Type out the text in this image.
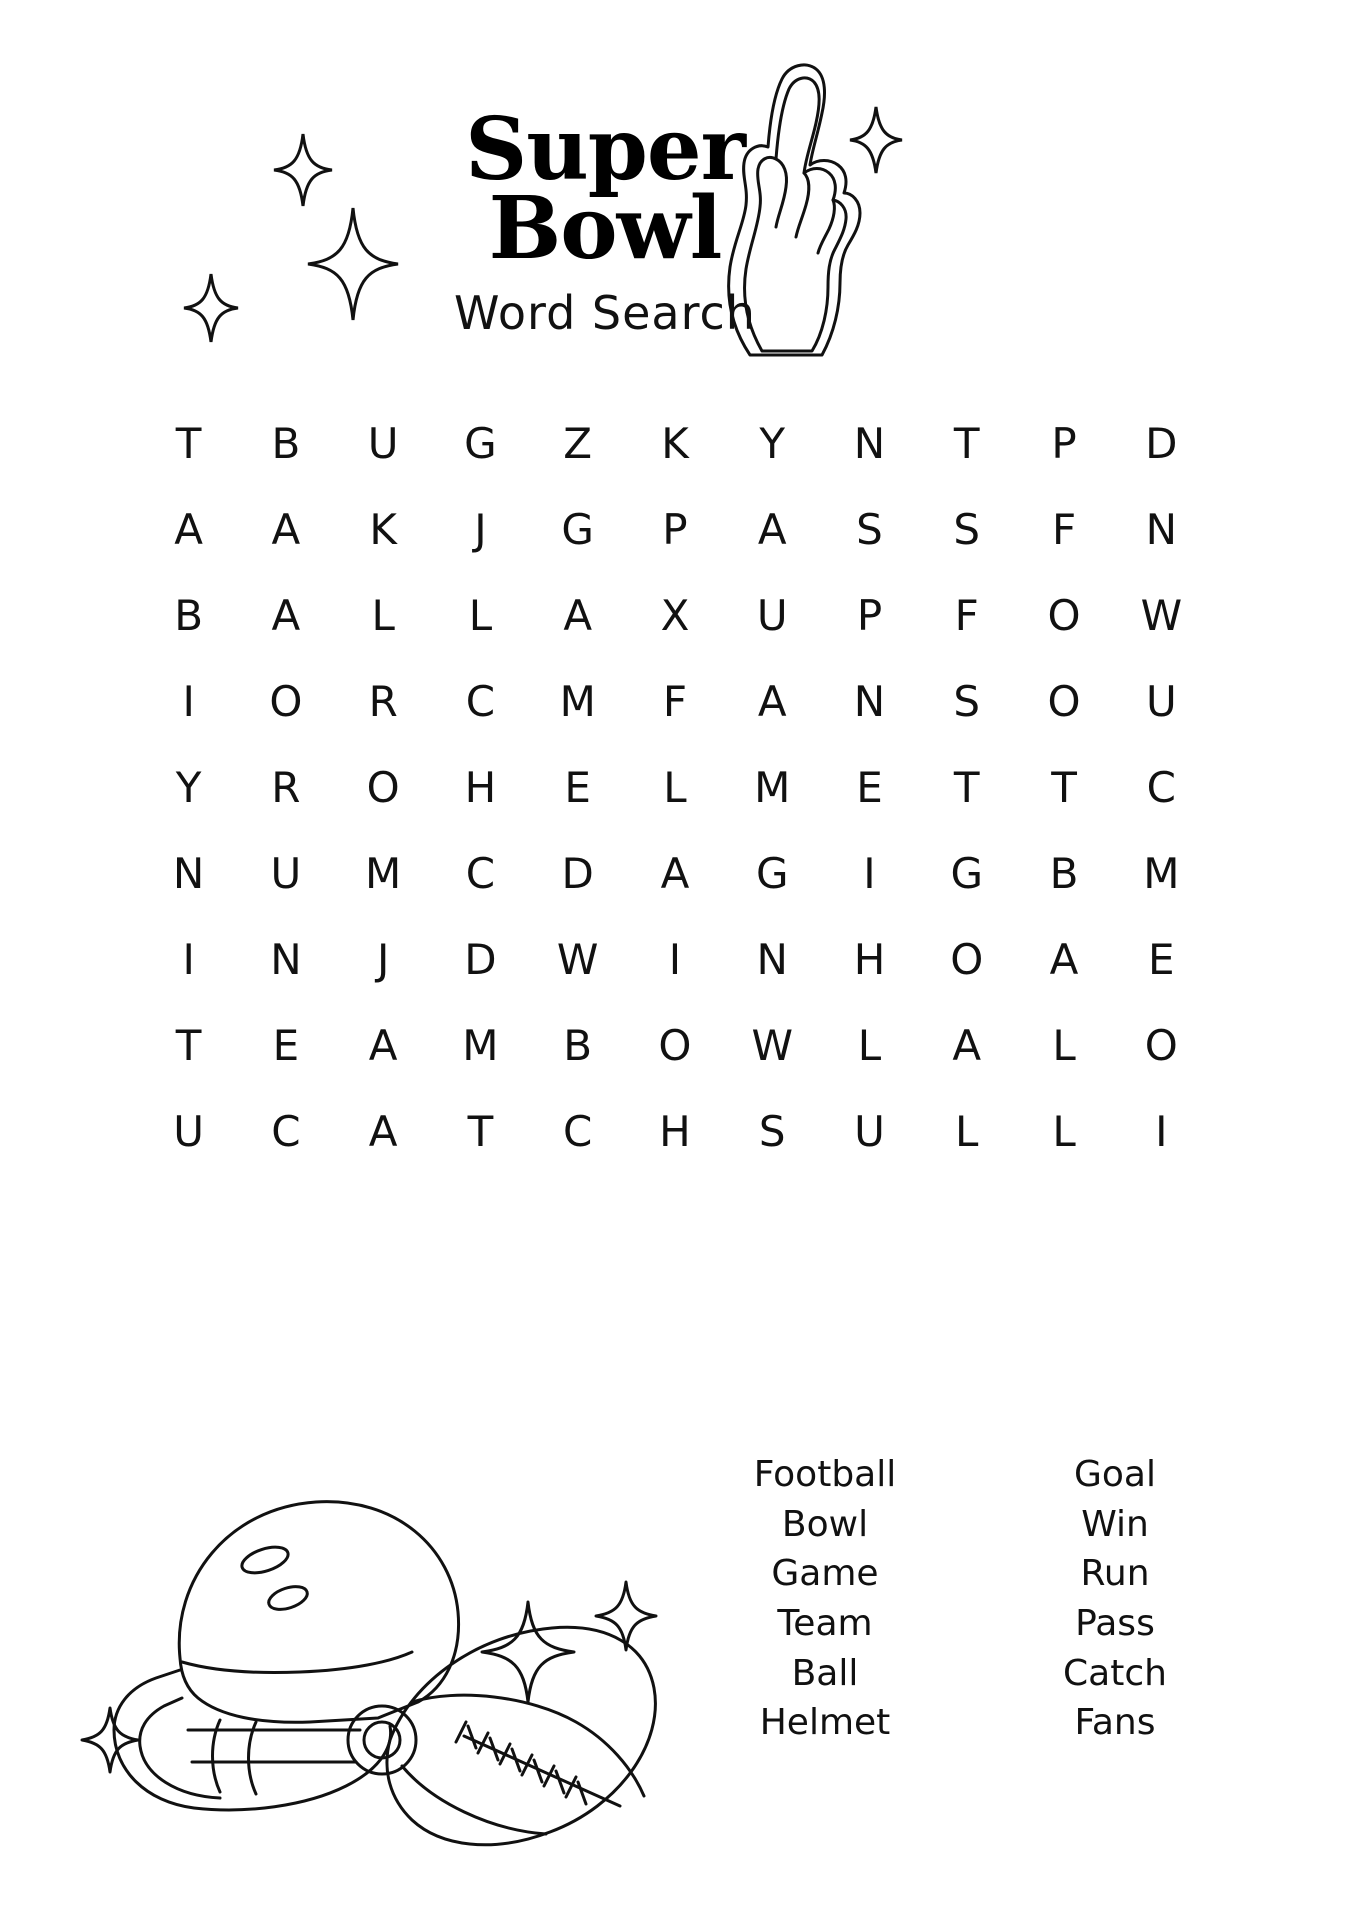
Super
Bowl
Word Search
T	B	U	G	Z	K	Y	N	T	P	D
A	A	K	J	G	P	A	S	S	F	N
B	A	L	L	A	X	U	P	F	O	W
I	O	R	C	M	F	A	N	S	O	U
Y	R	O	H	E	L	M	E	T	T	C
N	U	M	C	D	A	G	I	G	B	M
I	N	J	D	W	I	N	H	O	A	E
T	E	A	M	B	O	W	L	A	L	O
U	C	A	T	C	H	S	U	L	L	I
Football
Bowl
Game
Team
Ball
Helmet
Goal
Win
Run
Pass
Catch
Fans
